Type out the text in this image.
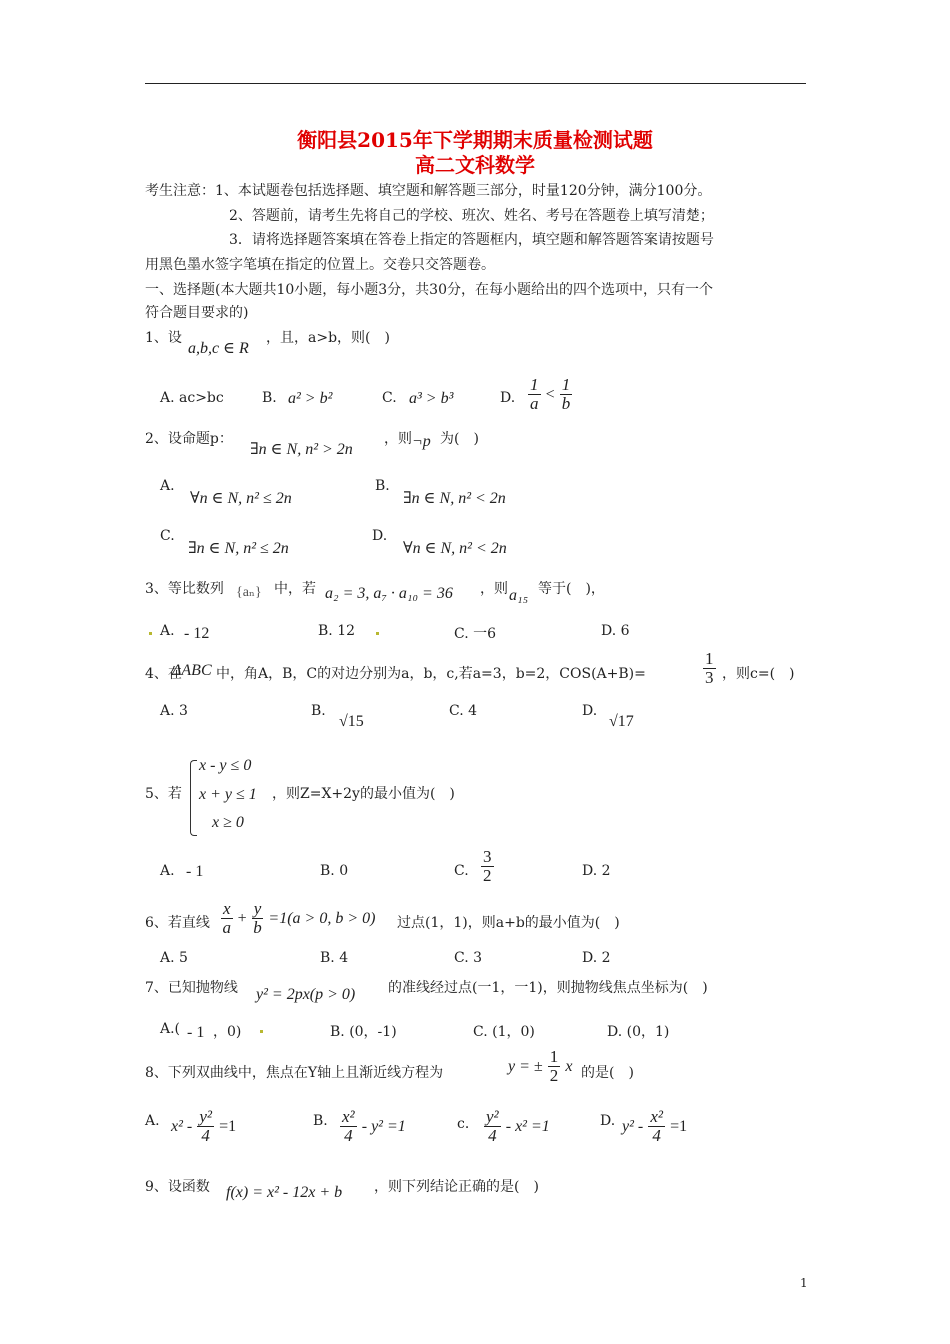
衡阳县2015年下学期期末质量检测试题
高二文科数学
考生注意：1、本试题卷包括选择题、填空题和解答题三部分，时量120分钟，满分100分。
2、答题前，请考生先将自己的学校、班次、姓名、考号在答题卷上填写清楚；
3．请将选择题答案填在答卷上指定的答题框内，填空题和解答题答案请按题号
用黑色墨水签字笔填在指定的位置上。交卷只交答题卷。
一、选择题(本大题共10小题，每小题3分，共30分，在每小题给出的四个选项中，只有一个
符合题目要求的)
1、设
a,b,c ∈ R
，且，a>b，则(　)
A. ac>bc	B. a² > b²	C. a³ > b³	D. $\frac{1}{a} < \frac{1}{b}$
2、设命题p：
∃n ∈ N, n² > 2n
，则 ¬p 为(　)
A.
∀n ∈ N, n² ≤ 2n
B.
∃n ∈ N, n² < 2n
C.
∃n ∈ N, n² ≤ 2n
D.
∀n ∈ N, n² < 2n
3、等比数列 {aₙ} 中，若 a₂ = 3, a₇ · a₁₀ = 36 ，则 a₁₅ 等于(　)，
A. - 12	B. 12	C. 一6	D. 6
4、在
ΔABC 中，角A，B，C的对边分别为a，b，c,若a=3，b=2，COS(A+B)=	$\frac{1}{3}$ ，则c=(　)
A. 3	B.
√15
C. 4	D.
√17
5、若
x - y ≤ 0
x + y ≤ 1
x ≥ 0
，则Z=X+2y的最小值为(　)
A. - 1	B. 0	C. $\frac{3}{2}$	D. 2
6、若直线 $\frac{x}{a} + \frac{y}{b} =1(a > 0$, b > 0) 过点(1，1)，则a+b的最小值为(　)
A. 5	B. 4	C. 3	D. 2
7、已知抛物线 y² = 2px(p > 0) 的准线经过点(一1，一1)，则抛物线焦点坐标为(　)
A.( - 1 ，0)	B. (0，-1)	C. (1，0)	D. (0，1)
8、下列双曲线中，焦点在Y轴上且渐近线方程为	y = ± $\frac{1}{2}$ x 的是(　)
A. $x^2 - \frac{\text{y²}}{4} =1$	B. $\frac{\text{x²}}{4} - y^2 =1$	c． $\frac{\text{y²}}{4} - x^2 =1$	D. $y^2 - \frac{\text{x²}}{4} =1$
9、设函数 f(x) = x² - 12x + b ，则下列结论正确的是(　)
1
